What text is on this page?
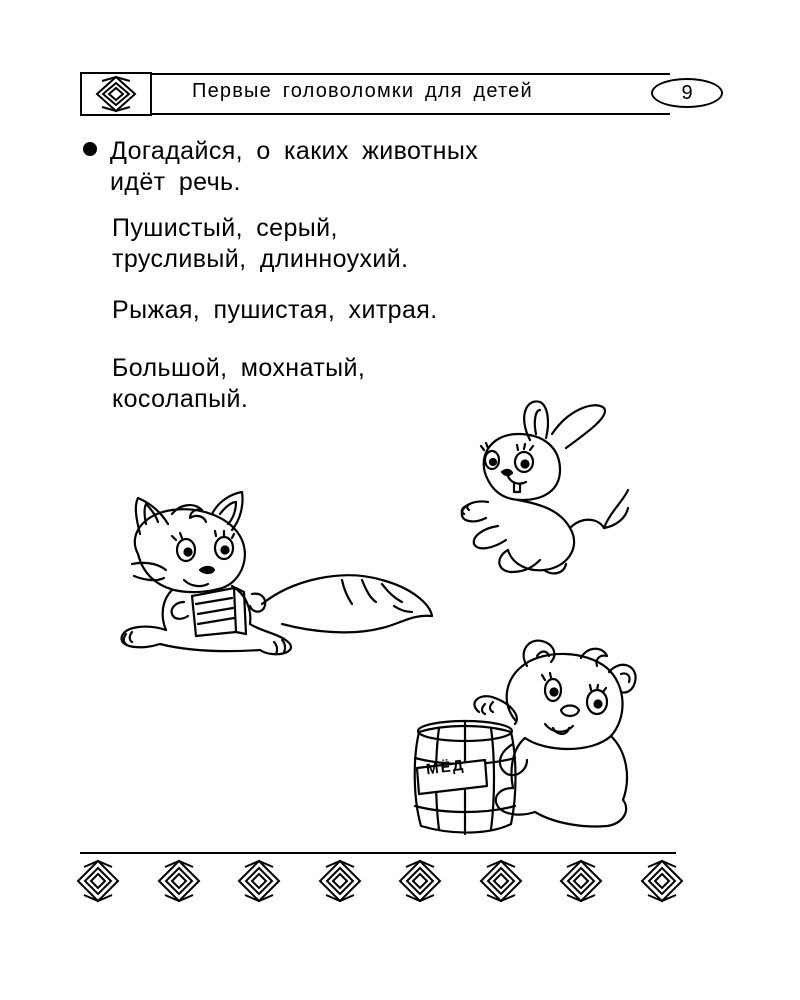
Первые головоломки для детей	9
Догадайся, о каких животных
идёт речь.
Пушистый, серый,
трусливый, длинноухий.
Рыжая, пушистая, хитрая.
Большой, мохнатый,
косолапый.
МЁД
